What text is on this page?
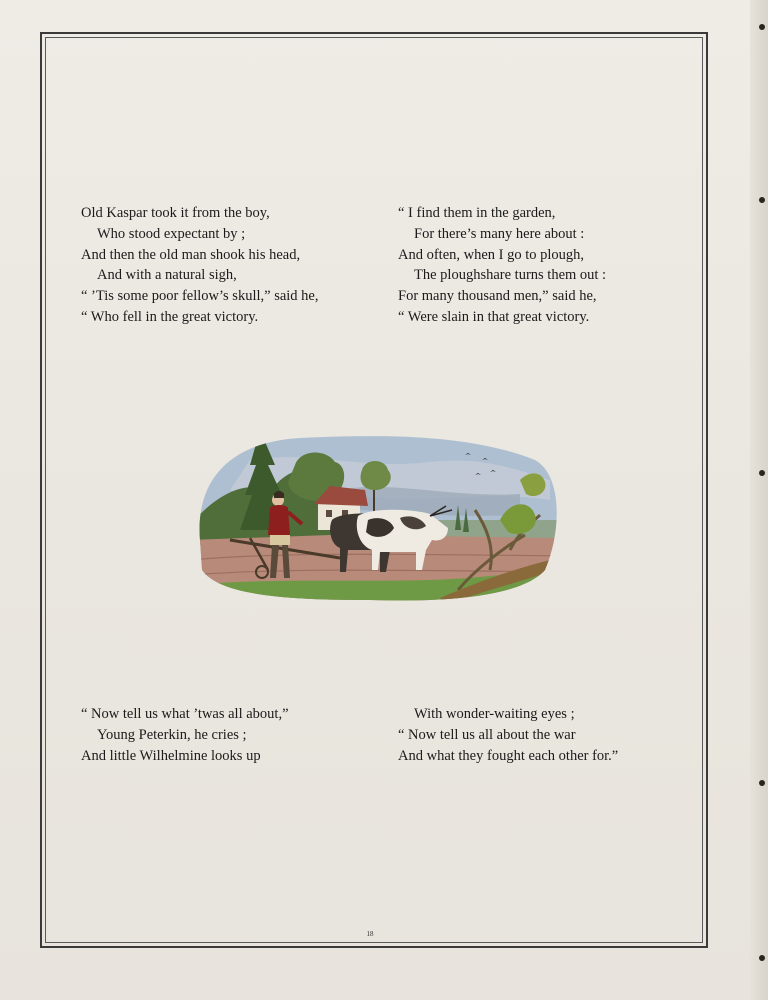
Old Kaspar took it from the boy,
Who stood expectant by ;
And then the old man shook his head,
And with a natural sigh,
“ ’Tis some poor fellow’s skull,” said he,
“ Who fell in the great victory.
“ I find them in the garden,
For there’s many here about :
And often, when I go to plough,
The ploughshare turns them out :
For many thousand men,” said he,
“ Were slain in that great victory.
“ Now tell us what ’twas all about,”
Young Peterkin, he cries ;
And little Wilhelmine looks up
With wonder-waiting eyes ;
“ Now tell us all about the war
And what they fought each other for.”
18
